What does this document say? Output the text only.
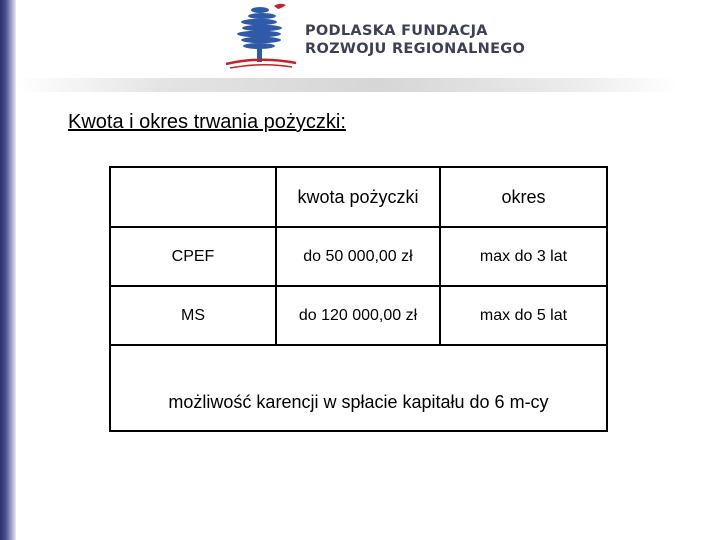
PODLASKA FUNDACJA
ROZWOJU REGIONALNEGO
Kwota i okres trwania pożyczki:
	kwota pożyczki	okres
CPEF	do 50 000,00 zł	max do 3 lat
MS	do 120 000,00 zł	max do 5 lat
możliwość karencji w spłacie kapitału do 6 m-cy		
